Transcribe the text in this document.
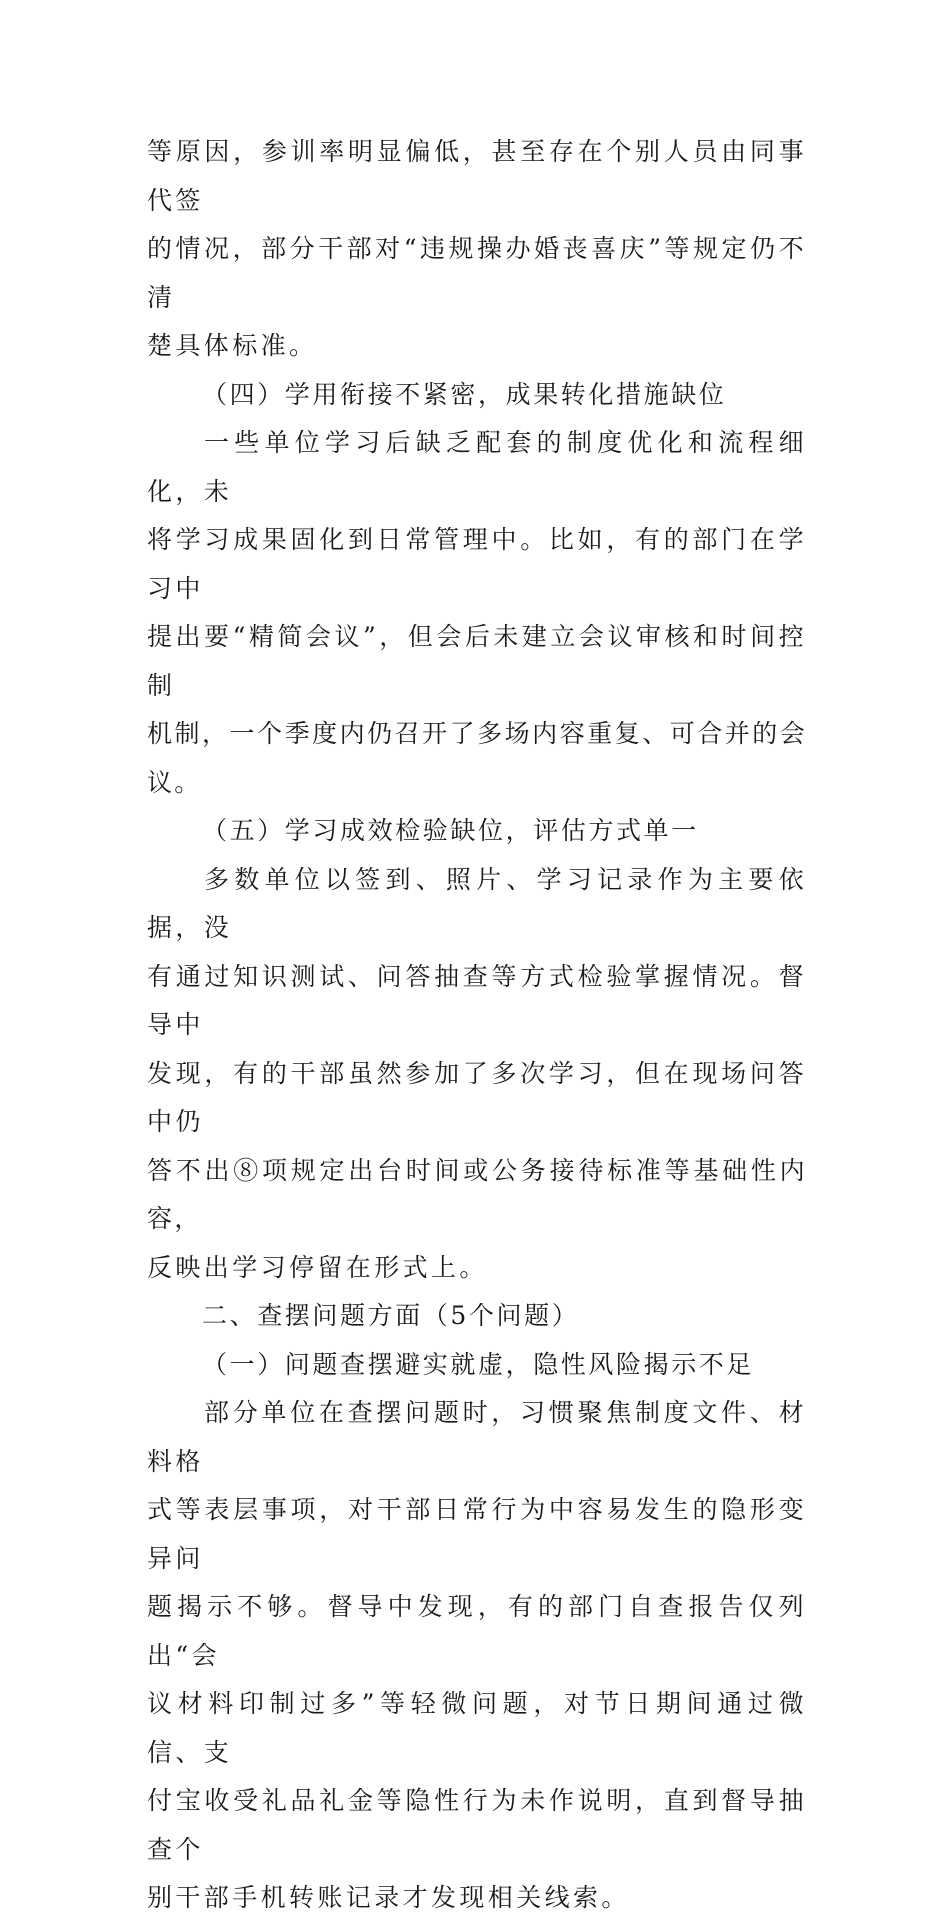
等原因，参训率明显偏低，甚至存在个别人员由同事代签
的情况，部分干部对“违规操办婚丧喜庆”等规定仍不清
楚具体标准。
（四）学用衔接不紧密，成果转化措施缺位
一些单位学习后缺乏配套的制度优化和流程细化，未
将学习成果固化到日常管理中。比如，有的部门在学习中
提出要“精简会议”，但会后未建立会议审核和时间控制
机制，一个季度内仍召开了多场内容重复、可合并的会议。
（五）学习成效检验缺位，评估方式单一
多数单位以签到、照片、学习记录作为主要依据，没
有通过知识测试、问答抽查等方式检验掌握情况。督导中
发现，有的干部虽然参加了多次学习，但在现场问答中仍
答不出⑧项规定出台时间或公务接待标准等基础性内容，
反映出学习停留在形式上。
二、查摆问题方面（5个问题）
（一）问题查摆避实就虚，隐性风险揭示不足
部分单位在查摆问题时，习惯聚焦制度文件、材料格
式等表层事项，对干部日常行为中容易发生的隐形变异问
题揭示不够。督导中发现，有的部门自查报告仅列出“会
议材料印制过多”等轻微问题，对节日期间通过微信、支
付宝收受礼品礼金等隐性行为未作说明，直到督导抽查个
别干部手机转账记录才发现相关线索。
